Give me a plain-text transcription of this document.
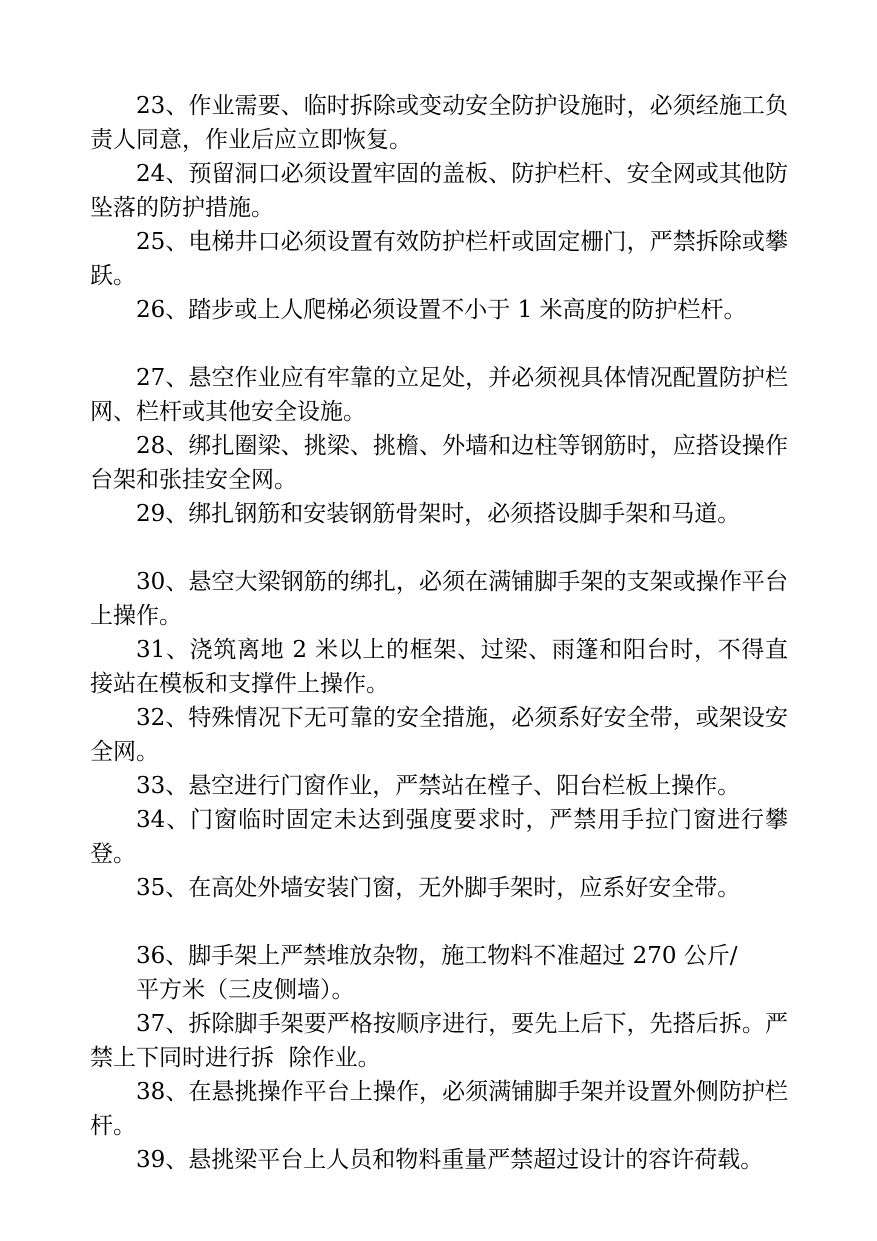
23、作业需要、临时拆除或变动安全防护设施时，必须经施工负责人同意，作业后应立即恢复。

24、预留洞口必须设置牢固的盖板、防护栏杆、安全网或其他防坠落的防护措施。

25、电梯井口必须设置有效防护栏杆或固定栅门，严禁拆除或攀跃。

26、踏步或上人爬梯必须设置不小于 1 米高度的防护栏杆。

27、悬空作业应有牢靠的立足处，并必须视具体情况配置防护栏网、栏杆或其他安全设施。

28、绑扎圈梁、挑梁、挑檐、外墙和边柱等钢筋时，应搭设操作台架和张挂安全网。

29、绑扎钢筋和安装钢筋骨架时，必须搭设脚手架和马道。

30、悬空大梁钢筋的绑扎，必须在满铺脚手架的支架或操作平台上操作。

31、浇筑离地 2 米以上的框架、过梁、雨篷和阳台时，不得直接站在模板和支撑件上操作。

32、特殊情况下无可靠的安全措施，必须系好安全带，或架设安全网。

33、悬空进行门窗作业，严禁站在樘子、阳台栏板上操作。

34、门窗临时固定未达到强度要求时，严禁用手拉门窗进行攀登。

35、在高处外墙安装门窗，无外脚手架时，应系好安全带。

36、脚手架上严禁堆放杂物，施工物料不准超过 270 公斤/

平方米（三皮侧墙）。

37、拆除脚手架要严格按顺序进行，要先上后下，先搭后拆。严禁上下同时进行拆  除作业。

38、在悬挑操作平台上操作，必须满铺脚手架并设置外侧防护栏杆。

39、悬挑梁平台上人员和物料重量严禁超过设计的容许荷载。
